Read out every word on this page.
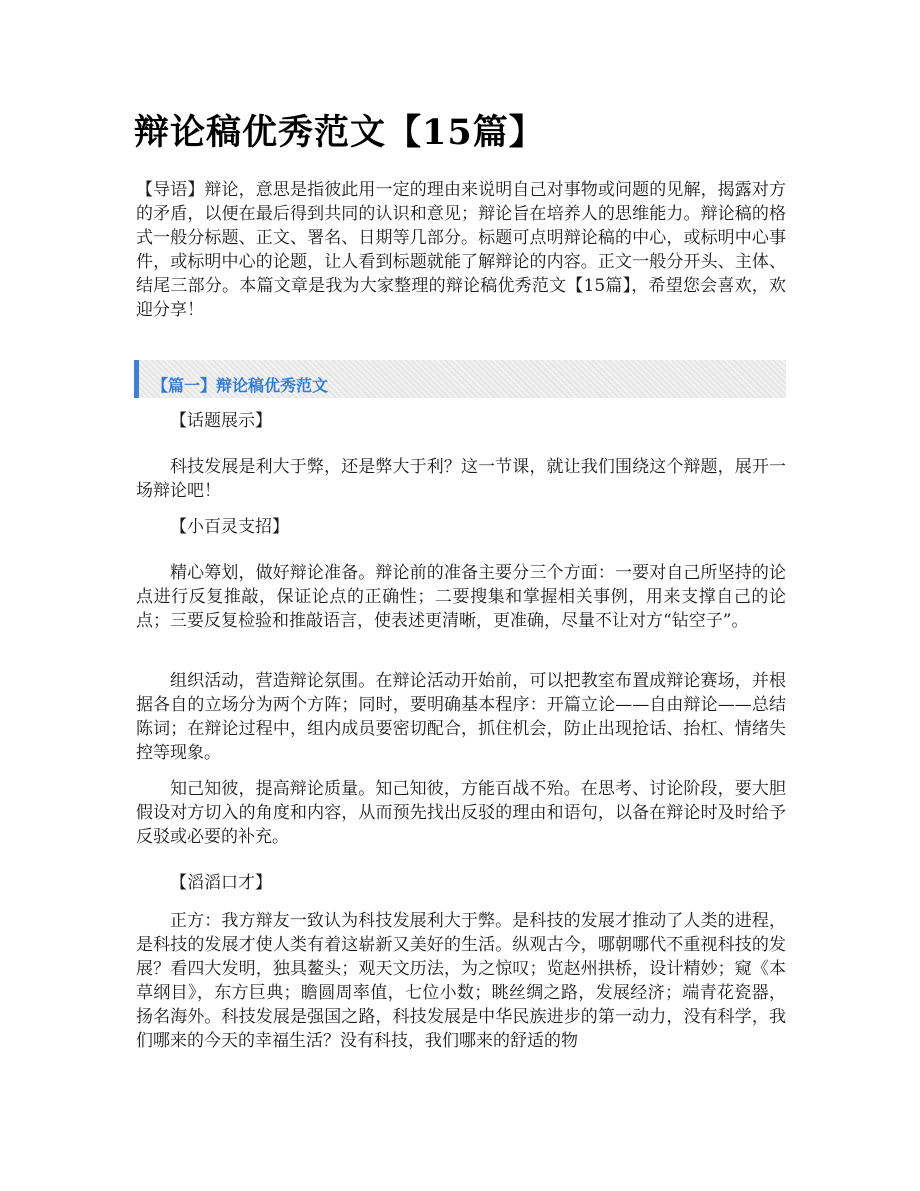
辩论稿优秀范文【15篇】

【导语】辩论，意思是指彼此用一定的理由来说明自己对事物或问题的见解，揭露对方的矛盾，以便在最后得到共同的认识和意见；辩论旨在培养人的思维能力。辩论稿的格式一般分标题、正文、署名、日期等几部分。标题可点明辩论稿的中心，或标明中心事件，或标明中心的论题，让人看到标题就能了解辩论的内容。正文一般分开头、主体、结尾三部分。本篇文章是我为大家整理的辩论稿优秀范文【15篇】，希望您会喜欢，欢迎分享！

【篇一】辩论稿优秀范文

【话题展示】

科技发展是利大于弊，还是弊大于利？这一节课，就让我们围绕这个辩题，展开一场辩论吧！

【小百灵支招】

精心筹划，做好辩论准备。辩论前的准备主要分三个方面：一要对自己所坚持的论点进行反复推敲，保证论点的正确性；二要搜集和掌握相关事例，用来支撑自己的论点；三要反复检验和推敲语言，使表述更清晰，更准确，尽量不让对方“钻空子”。

组织活动，营造辩论氛围。在辩论活动开始前，可以把教室布置成辩论赛场，并根据各自的立场分为两个方阵；同时，要明确基本程序：开篇立论——自由辩论——总结陈词；在辩论过程中，组内成员要密切配合，抓住机会，防止出现抢话、抬杠、情绪失控等现象。

知己知彼，提高辩论质量。知己知彼，方能百战不殆。在思考、讨论阶段，要大胆假设对方切入的角度和内容，从而预先找出反驳的理由和语句，以备在辩论时及时给予反驳或必要的补充。

【滔滔口才】

正方：我方辩友一致认为科技发展利大于弊。是科技的发展才推动了人类的进程，是科技的发展才使人类有着这崭新又美好的生活。纵观古今，哪朝哪代不重视科技的发展？看四大发明，独具鳌头；观天文历法，为之惊叹；览赵州拱桥，设计精妙；窥《本草纲目》，东方巨典；瞻圆周率值，七位小数；眺丝绸之路，发展经济；端青花瓷器，扬名海外。科技发展是强国之路，科技发展是中华民族进步的第一动力，没有科学，我们哪来的今天的幸福生活？没有科技，我们哪来的舒适的物
